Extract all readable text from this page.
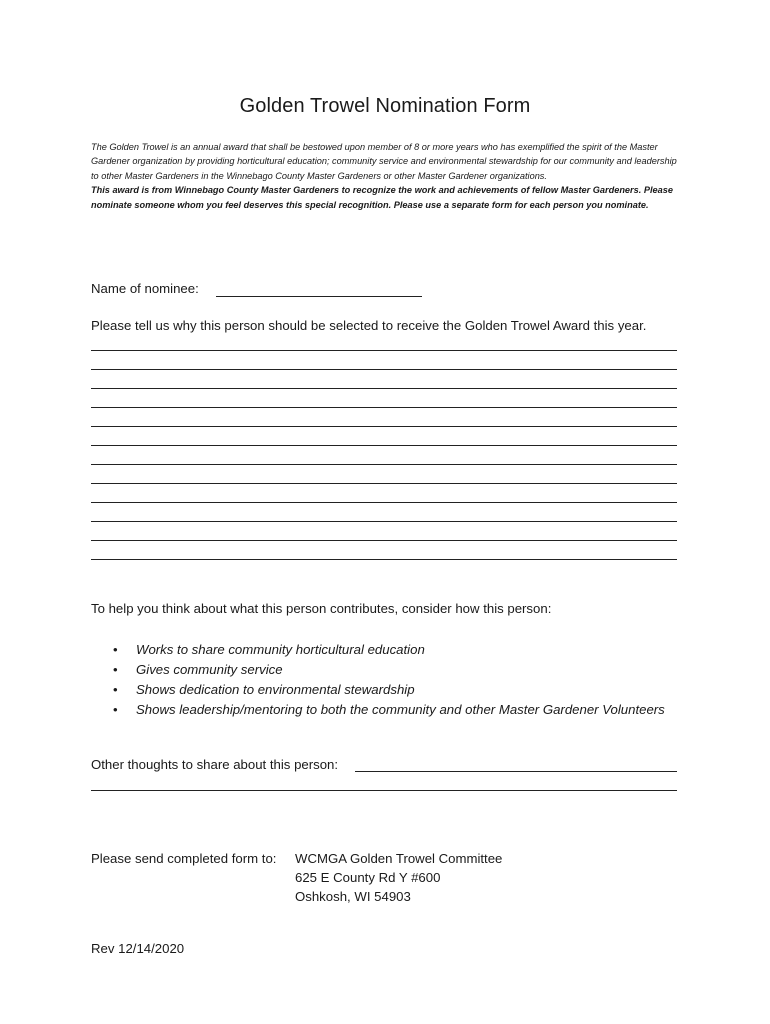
Golden Trowel Nomination Form

The Golden Trowel is an annual award that shall be bestowed upon member of 8 or more years who has exemplified the spirit of the Master Gardener organization by providing horticultural education; community service and environmental stewardship for our community and leadership to other Master Gardeners in the Winnebago County Master Gardeners or other Master Gardener organizations.

This award is from Winnebago County Master Gardeners to recognize the work and achievements of fellow Master Gardeners. Please nominate someone whom you feel deserves this special recognition. Please use a separate form for each person you nominate.

Name of nominee:
Please tell us why this person should be selected to receive the Golden Trowel Award this year.
To help you think about what this person contributes, consider how this person:
• Works to share community horticultural education
• Gives community service
• Shows dedication to environmental stewardship
• Shows leadership/mentoring to both the community and other Master Gardener Volunteers
Other thoughts to share about this person:
Please send completed form to: WCMGA Golden Trowel Committee
625 E County Rd Y #600
Oshkosh, WI 54903
Rev 12/14/2020
